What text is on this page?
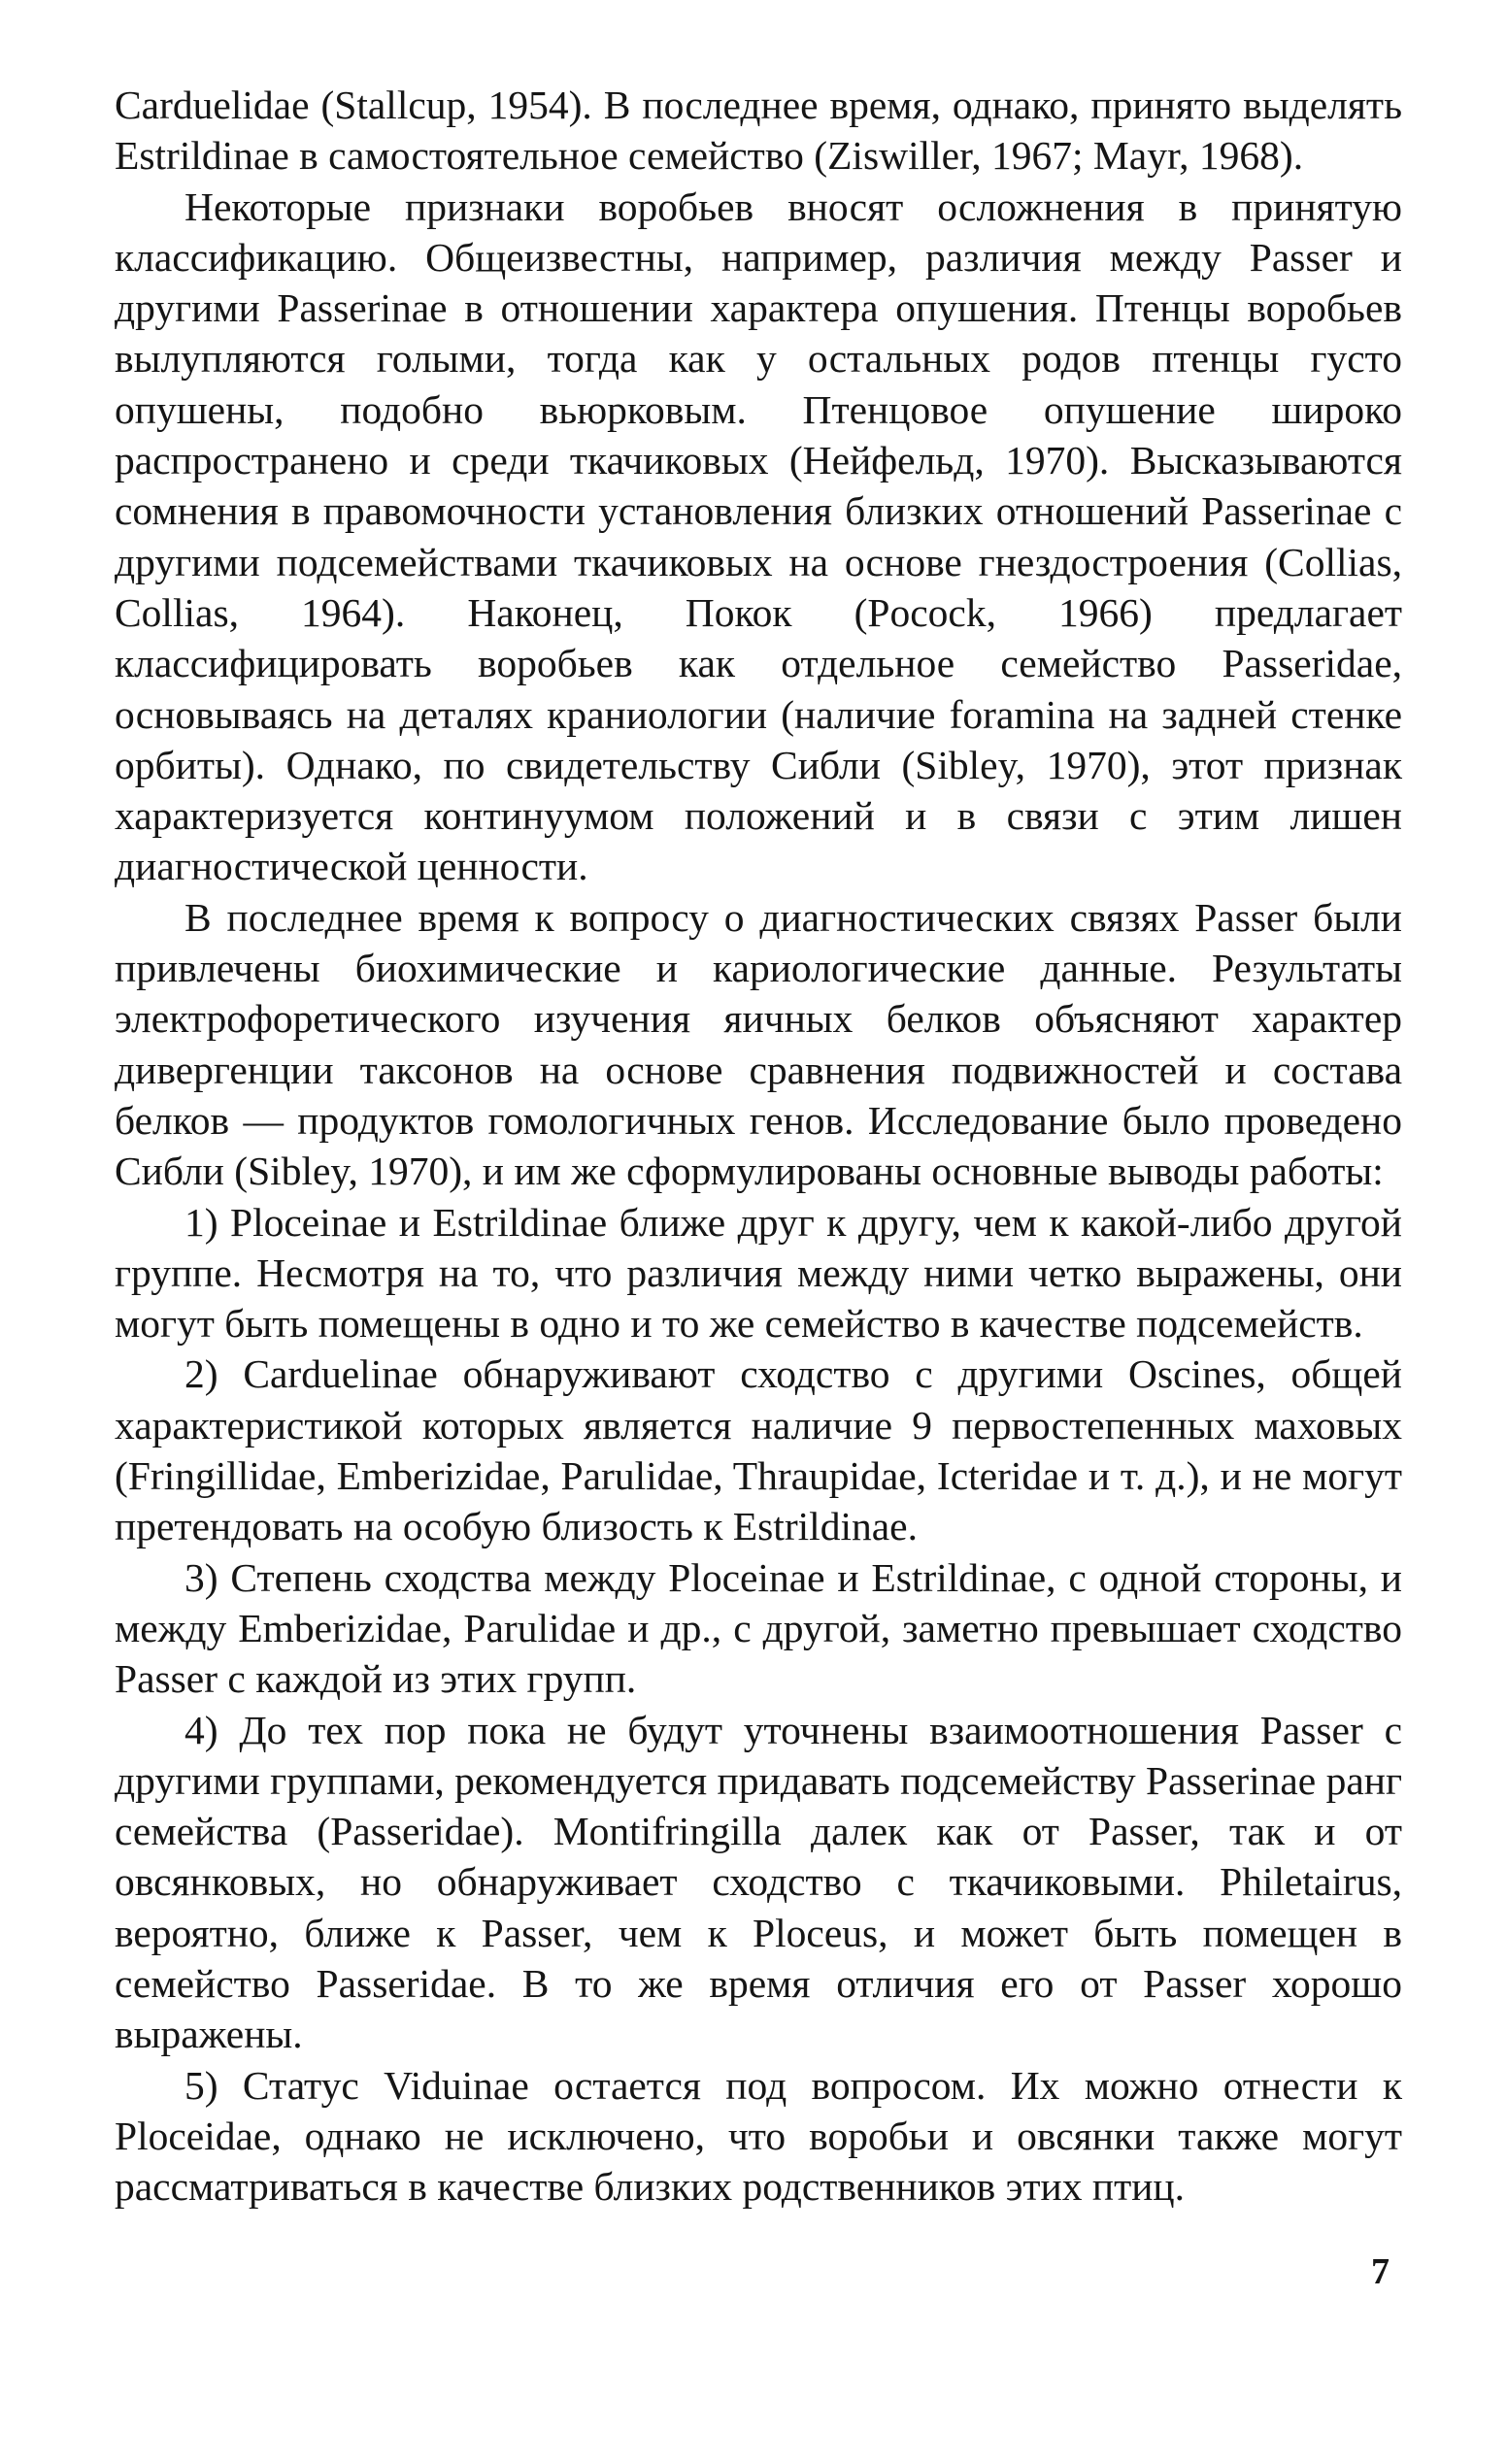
Carduelidae (Stallcup, 1954). В последнее время, однако, принято выделять Estrildinae в самостоятельное семейство (Ziswiller, 1967; Mayr, 1968).

Некоторые признаки воробьев вносят осложнения в принятую классификацию. Общеизвестны, например, различия между Passer и другими Passerinae в отношении характера опушения. Птенцы воробьев вылупляются голыми, тогда как у остальных родов птенцы густо опушены, подобно вьюрковым. Птенцовое опушение широко распространено и среди ткачиковых (Нейфельд, 1970). Высказываются сомнения в правомочности установления близких отношений Passerinae с другими подсемействами ткачиковых на основе гнездостроения (Collias, Collias, 1964). Наконец, Покок (Pocock, 1966) предлагает классифицировать воробьев как отдельное семейство Passeridae, основываясь на деталях краниологии (наличие foramina на задней стенке орбиты). Однако, по свидетельству Сибли (Sibley, 1970), этот признак характеризуется континуумом положений и в связи с этим лишен диагностической ценности.

В последнее время к вопросу о диагностических связях Passer были привлечены биохимические и кариологические данные. Результаты электрофоретического изучения яичных белков объясняют характер дивергенции таксонов на основе сравнения подвижностей и состава белков — продуктов гомологичных генов. Исследование было проведено Сибли (Sibley, 1970), и им же сформулированы основные выводы работы:

1) Ploceinae и Estrildinae ближе друг к другу, чем к какой-либо другой группе. Несмотря на то, что различия между ними четко выражены, они могут быть помещены в одно и то же семейство в качестве подсемейств.

2) Carduelinae обнаруживают сходство с другими Oscines, общей характеристикой которых является наличие 9 первостепенных маховых (Fringillidae, Emberizidae, Parulidae, Thraupidae, Icteridae и т. д.), и не могут претендовать на особую близость к Estrildinae.

3) Степень сходства между Ploceinae и Estrildinae, с одной стороны, и между Emberizidae, Parulidae и др., с другой, заметно превышает сходство Passer с каждой из этих групп.

4) До тех пор пока не будут уточнены взаимоотношения Passer с другими группами, рекомендуется придавать подсемейству Passerinae ранг семейства (Passeridae). Montifringilla далек как от Passer, так и от овсянковых, но обнаруживает сходство с ткачиковыми. Philetairus, вероятно, ближе к Passer, чем к Ploceus, и может быть помещен в семейство Passeridae. В то же время отличия его от Passer хорошо выражены.

5) Статус Viduinae остается под вопросом. Их можно отнести к Ploceidae, однако не исключено, что воробьи и овсянки также могут рассматриваться в качестве близких родственников этих птиц.

7
